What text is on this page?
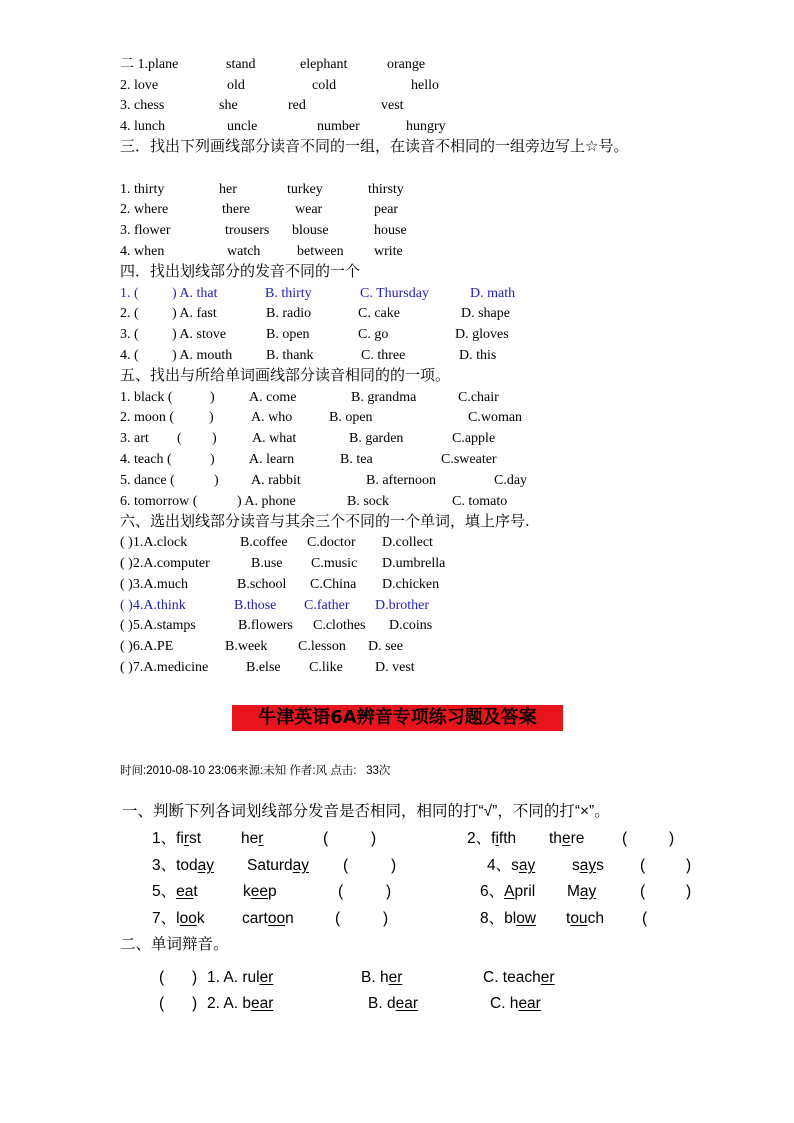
二 1.plane	stand	elephant	orange
2. love	old	cold	hello
3. chess	she	red	vest
4. lunch	uncle	number	hungry
三．找出下列画线部分读音不同的一组，在读音不相同的一组旁边写上☆号。
1. thirty	her	turkey	thirsty
2. where	there	wear	pear
3. flower	trousers blouse	house
4. when	watch	between write
四．找出划线部分的发音不同的一个
1. ( ) A. that	B. thirty	C. Thursday	D. math
2. ( ) A. fast	B. radio	C. cake	D. shape
3. ( ) A. stove	B. open	C. go	D. gloves
4. ( ) A. mouth B. thank	C. three	D. this
五、找出与所给单词画线部分读音相同的的一项。
1. black (	) A. come	B. grandma	C.chair
2. moon ( )	A. who	B. open	C.woman
3. art ( )	A. what	B. garden	C.apple
4. teach (	) A. learn	B. tea	C.sweater
5. dance (	) A. rabbit	B. afternoon	C.day
6. tomorrow (	) A. phone	B. sock	C. tomato
六、选出划线部分读音与其余三个不同的一个单词，填上序号.
( )1.A.clock	B.coffee C.doctor D.collect
( )2.A.computer	B.use C.music D.umbrella
( )3.A.much	B.school C.China D.chicken
( )4.A.think	B.those C.father D.brother
( )5.A.stamps	B.flowers C.clothes D.coins
( )6.A.PE	B.week C.lesson D. see
( )7.A.medicine	B.else C.like D. vest
牛津英语6A辨音专项练习题及答案
时间:2010-08-10 23:06来源:未知 作者:风 点击: 33次
一、判断下列各词划线部分发音是否相同，相同的打“√”，不同的打“×”。
1、first	her	(	)	2、fifth there (	)
3、today Saturday (	)	4、say says (	)
5、eat	keep	(	)	6、April May	(	)
7、look cartoon	(	)	8、blow touch (
二、单词辩音。
( ) 1. A. ruler	B. her	C. teacher
( ) 2. A. bear	B. dear	C. hear
